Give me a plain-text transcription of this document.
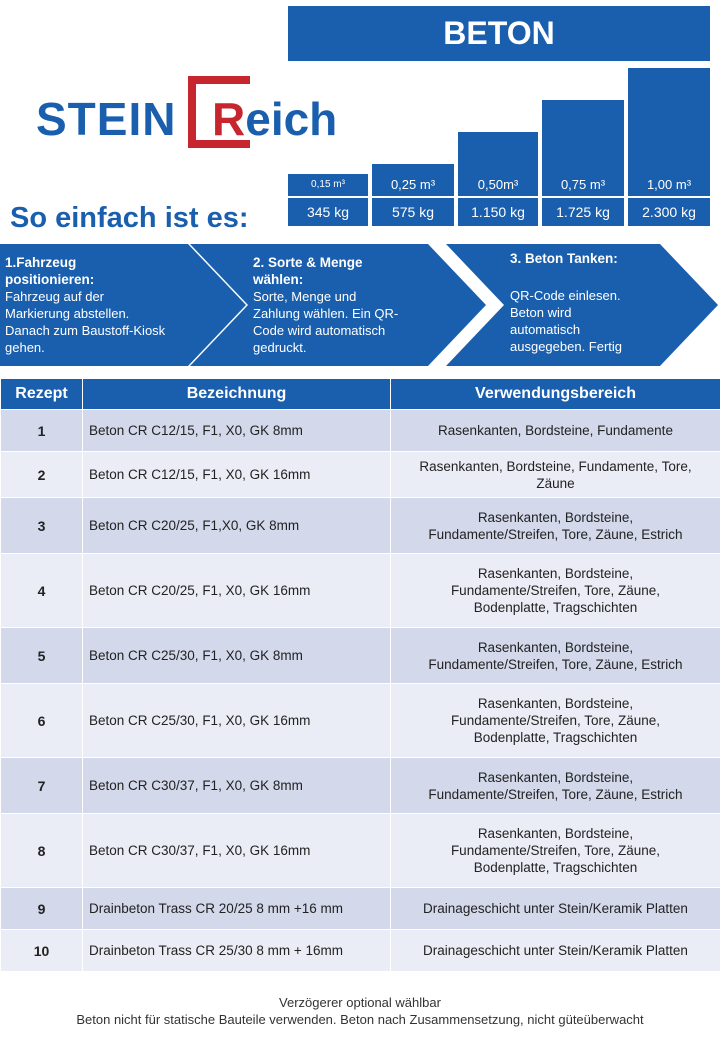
BETON
STEIN Reich
0,15 m³
345 kg
0,25 m³
575 kg
0,50m³
1.150 kg
0,75 m³
1.725 kg
1,00 m³
2.300 kg
So einfach ist es:
1.Fahrzeug
positionieren:
Fahrzeug auf der
Markierung abstellen.
Danach zum Baustoff-Kiosk
gehen.
2. Sorte & Menge
wählen:
Sorte, Menge und
Zahlung wählen. Ein QR-
Code wird automatisch
gedruckt.
3. Beton Tanken:
QR-Code einlesen.
Beton wird
automatisch
ausgegeben. Fertig
Rezept	Bezeichnung	Verwendungsbereich
1	Beton CR C12/15, F1, X0, GK 8mm	Rasenkanten, Bordsteine, Fundamente

2	Beton CR C12/15, F1, X0, GK 16mm	Rasenkanten, Bordsteine, Fundamente, Tore,
Zäune

3	Beton CR C20/25, F1,X0, GK 8mm	Rasenkanten, Bordsteine,
Fundamente/Streifen, Tore, Zäune, Estrich

4	Beton CR C20/25, F1, X0, GK 16mm	Rasenkanten, Bordsteine,
Fundamente/Streifen, Tore, Zäune,
Bodenplatte, Tragschichten

5	Beton CR C25/30, F1, X0, GK 8mm	Rasenkanten, Bordsteine,
Fundamente/Streifen, Tore, Zäune, Estrich

6	Beton CR C25/30, F1, X0, GK 16mm	Rasenkanten, Bordsteine,
Fundamente/Streifen, Tore, Zäune,
Bodenplatte, Tragschichten

7	Beton CR C30/37, F1, X0, GK 8mm	Rasenkanten, Bordsteine,
Fundamente/Streifen, Tore, Zäune, Estrich

8	Beton CR C30/37, F1, X0, GK 16mm	Rasenkanten, Bordsteine,
Fundamente/Streifen, Tore, Zäune,
Bodenplatte, Tragschichten

9	Drainbeton Trass CR 20/25 8 mm +16 mm	Drainageschicht unter Stein/Keramik Platten

10	Drainbeton Trass CR 25/30 8 mm + 16mm	Drainageschicht unter Stein/Keramik Platten
Verzögerer optional wählbar
Beton nicht für statische Bauteile verwenden. Beton nach Zusammensetzung, nicht güteüberwacht
